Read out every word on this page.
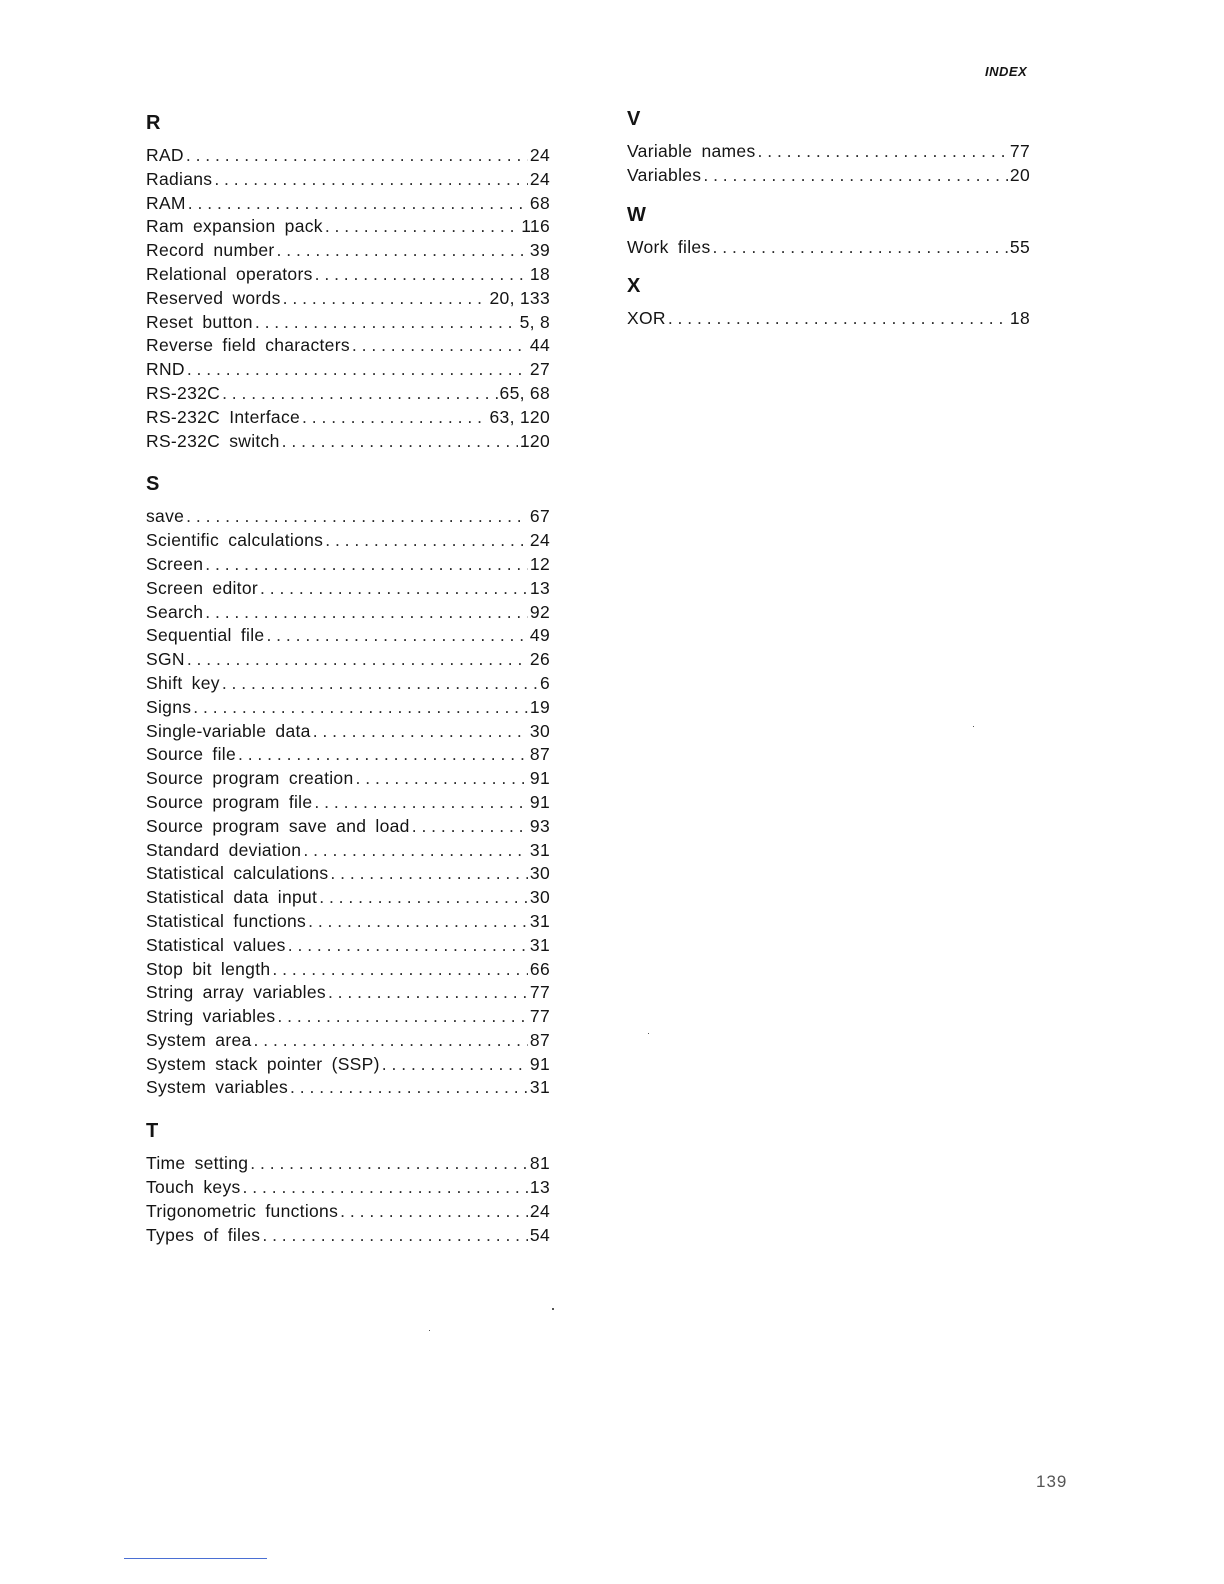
INDEX
R
RAD . . .	24
Radians . . .	24
RAM . . .	68
Ram expansion pack . . .	116
Record number . . .	39
Relational operators . . .	18
Reserved words . . .	20, 133
Reset button . . .	5, 8
Reverse field characters . . .	44
RND . . .	27
RS-232C . . .	65, 68
RS-232C Interface . . .	63, 120
RS-232C switch . . .	120
S
save . . .	67
Scientific calculations . . .	24
Screen . . .	12
Screen editor . . .	13
Search . . .	92
Sequential file . . .	49
SGN . . .	26
Shift key . . .	6
Signs . . .	19
Single-variable data . . .	30
Source file . . .	87
Source program creation . . .	91
Source program file . . .	91
Source program save and load . . .	93
Standard deviation . . .	31
Statistical calculations . . .	30
Statistical data input . . .	30
Statistical functions . . .	31
Statistical values . . .	31
Stop bit length . . .	66
String array variables . . .	77
String variables . . .	77
System area . . .	87
System stack pointer (SSP) . . .	91
System variables . . .	31
T
Time setting . . .	81
Touch keys . . .	13
Trigonometric functions . . .	24
Types of files . . .	54
V
Variable names . . .	77
Variables . . .	20
W
Work files . . .	55
X
XOR . . .	18
139
